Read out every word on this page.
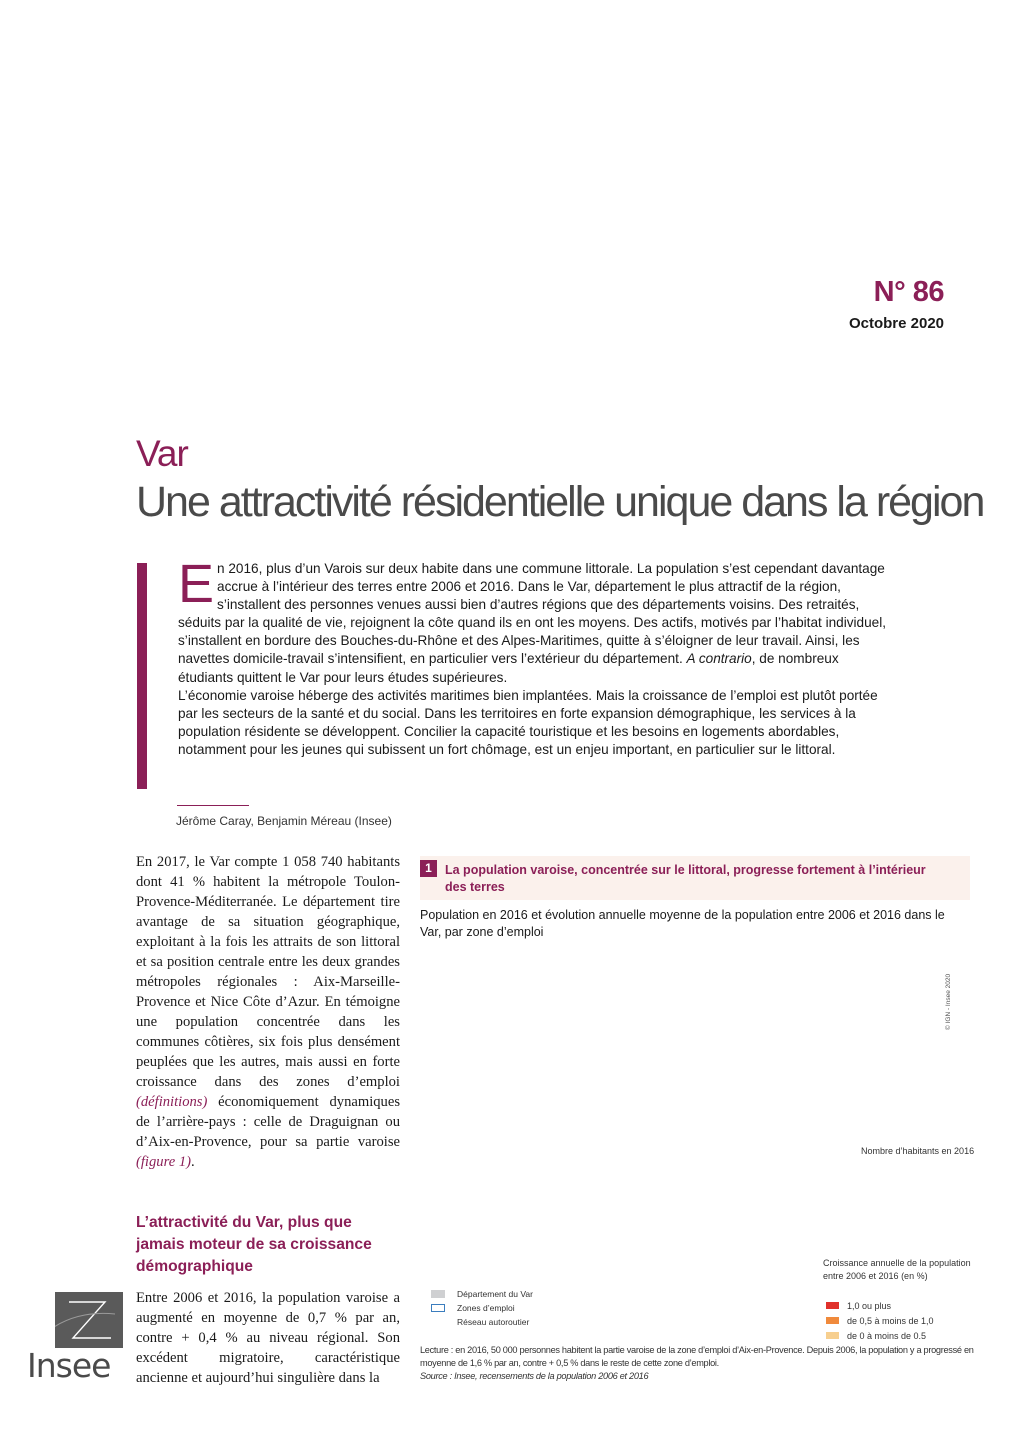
N° 86
Octobre 2020
Var
Une attractivité résidentielle unique dans la région

En 2016, plus d’un Varois sur deux habite dans une commune littorale. La population s’est cependant davantage accrue à l’intérieur des terres entre 2006 et 2016. Dans le Var, département le plus attractif de la région, s’installent des personnes venues aussi bien d’autres régions que des départements voisins. Des retraités, séduits par la qualité de vie, rejoignent la côte quand ils en ont les moyens. Des actifs, motivés par l’habitat individuel, s’installent en bordure des Bouches-du-Rhône et des Alpes-Maritimes, quitte à s’éloigner de leur travail. Ainsi, les navettes domicile-travail s’intensifient, en particulier vers l’extérieur du département. A contrario, de nombreux étudiants quittent le Var pour leurs études supérieures.

L’économie varoise héberge des activités maritimes bien implantées. Mais la croissance de l’emploi est plutôt portée par les secteurs de la santé et du social. Dans les territoires en forte expansion démographique, les services à la population résidente se développent. Concilier la capacité touristique et les besoins en logements abordables, notamment pour les jeunes qui subissent un fort chômage, est un enjeu important, en particulier sur le littoral.

Jérôme Caray, Benjamin Méreau (Insee)
En 2017, le Var compte 1 058 740 habitants dont 41 % habitent la métropole Toulon-Provence-Méditerranée. Le département tire avantage de sa situation géographique, exploitant à la fois les attraits de son littoral et sa position centrale entre les deux grandes métropoles régionales : Aix-Marseille-Provence et Nice Côte d’Azur. En témoigne une population concentrée dans les communes côtières, six fois plus densément peuplées que les autres, mais aussi en forte croissance dans des zones d’emploi (définitions) économiquement dynamiques de l’arrière-pays : celle de Draguignan ou d’Aix-en-Provence, pour sa partie varoise (figure 1).
L’attractivité du Var, plus que jamais moteur de sa croissance démographique
Entre 2006 et 2016, la population varoise a augmenté en moyenne de 0,7 % par an, contre + 0,4 % au niveau régional. Son excédent migratoire, caractéristique ancienne et aujourd’hui singulière dans la
1	La population varoise, concentrée sur le littoral, progresse fortement à l’intérieur des terres
Population en 2016 et évolution annuelle moyenne de la population entre 2006 et 2016 dans le Var, par zone d’emploi
© IGN - Insee 2020
Nombre d’habitants en 2016
Croissance annuelle de la population entre 2006 et 2016 (en %)
1,0 ou plus
de 0,5 à moins de 1,0
de 0 à moins de 0.5
Département du Var
Zones d’emploi
Réseau autoroutier
Lecture : en 2016, 50 000 personnes habitent la partie varoise de la zone d’emploi d’Aix-en-Provence. Depuis 2006, la population y a progressé en moyenne de 1,6 % par an, contre + 0,5 % dans le reste de cette zone d’emploi.
Source : Insee, recensements de la population 2006 et 2016
Insee
